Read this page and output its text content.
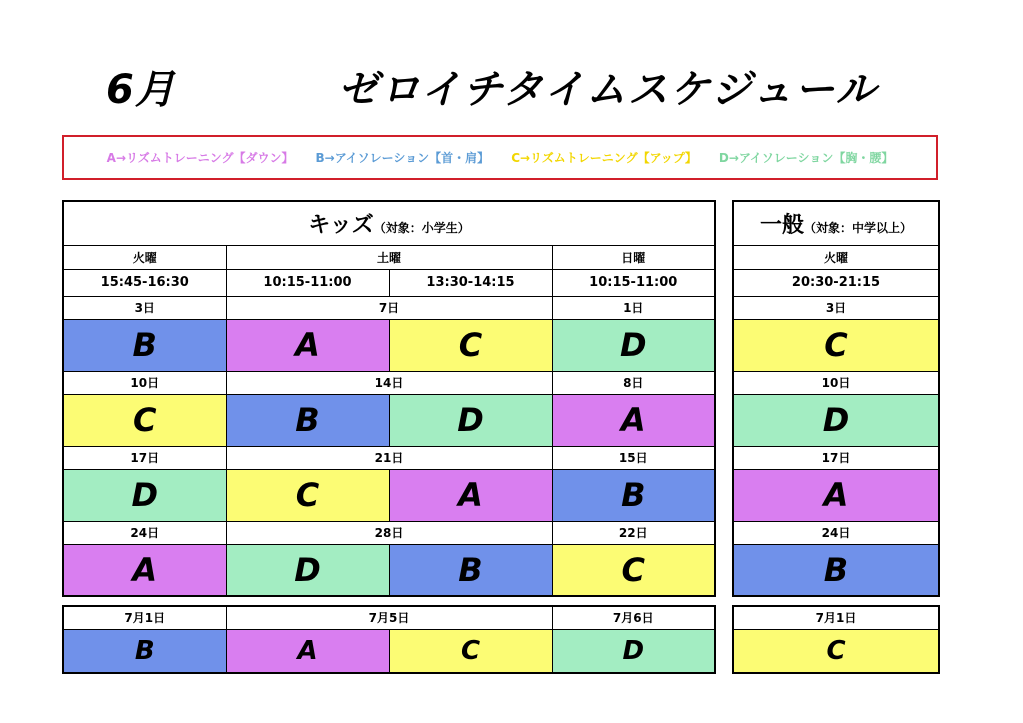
6月	ゼロイチタイムスケジュール
A→リズムトレーニング【ダウン】 B→アイソレーション【首・肩】 C→リズムトレーニング【アップ】 D→アイソレーション【胸・腰】
キッズ（対象：小学生）			
火曜	土曜		日曜
15:45-16:30	10:15-11:00	13:30-14:15	10:15-11:00
3日	7日		1日
B	A	C	D
10日	14日		8日
C	B	D	A
17日	21日		15日
D	C	A	B
24日	28日		22日
A	D	B	C
7月1日	7月5日		7月6日
B	A	C	D
一般（対象：中学以上）
火曜
20:30-21:15
3日
C
10日
D
17日
A
24日
B
7月1日
C
